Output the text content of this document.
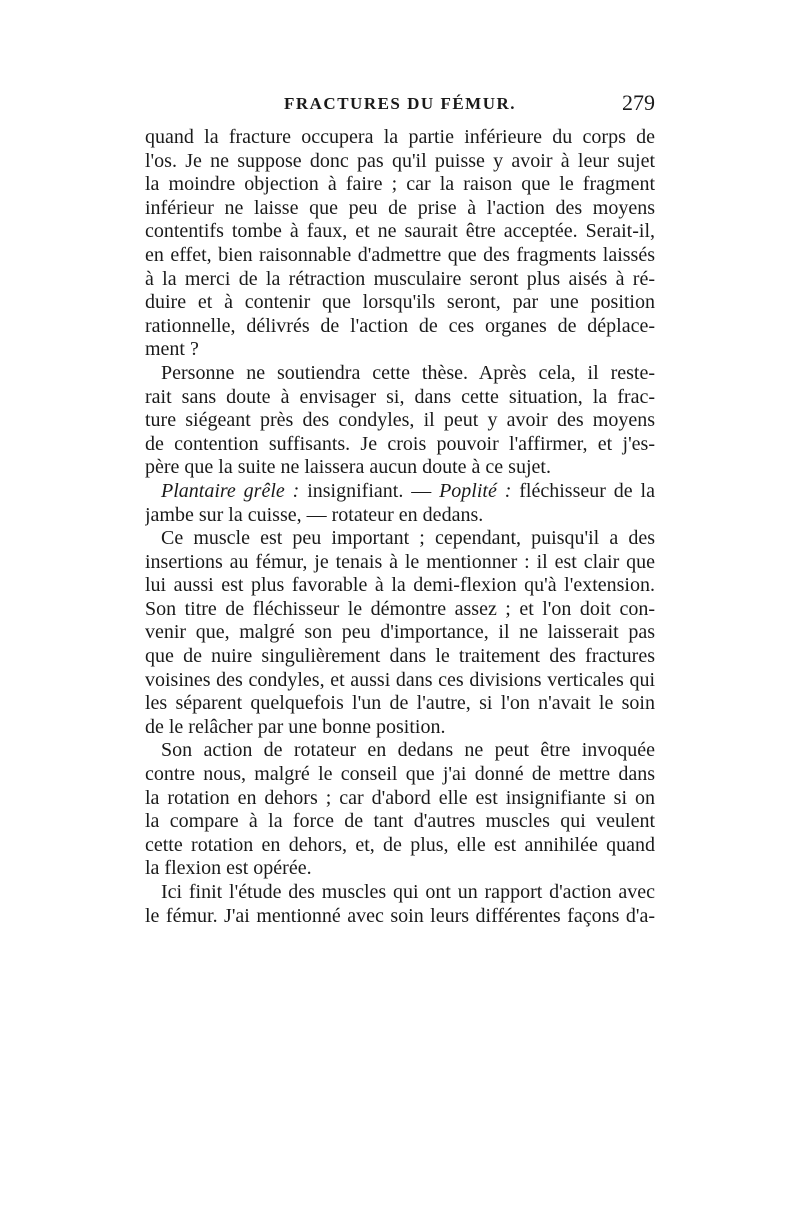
FRACTURES DU FÉMUR.	279
quand la fracture occupera la partie inférieure du corps de
l'os. Je ne suppose donc pas qu'il puisse y avoir à leur sujet
la moindre objection à faire ; car la raison que le fragment
inférieur ne laisse que peu de prise à l'action des moyens
contentifs tombe à faux, et ne saurait être acceptée. Serait-il,
en effet, bien raisonnable d'admettre que des fragments laissés
à la merci de la rétraction musculaire seront plus aisés à ré-
duire et à contenir que lorsqu'ils seront, par une position
rationnelle, délivrés de l'action de ces organes de déplace-
ment ?
Personne ne soutiendra cette thèse. Après cela, il reste-
rait sans doute à envisager si, dans cette situation, la frac-
ture siégeant près des condyles, il peut y avoir des moyens
de contention suffisants. Je crois pouvoir l'affirmer, et j'es-
père que la suite ne laissera aucun doute à ce sujet.
Plantaire grêle : insignifiant. — Poplité : fléchisseur de la
jambe sur la cuisse, — rotateur en dedans.
Ce muscle est peu important ; cependant, puisqu'il a des
insertions au fémur, je tenais à le mentionner : il est clair que
lui aussi est plus favorable à la demi-flexion qu'à l'extension.
Son titre de fléchisseur le démontre assez ; et l'on doit con-
venir que, malgré son peu d'importance, il ne laisserait pas
que de nuire singulièrement dans le traitement des fractures
voisines des condyles, et aussi dans ces divisions verticales qui
les séparent quelquefois l'un de l'autre, si l'on n'avait le soin
de le relâcher par une bonne position.
Son action de rotateur en dedans ne peut être invoquée
contre nous, malgré le conseil que j'ai donné de mettre dans
la rotation en dehors ; car d'abord elle est insignifiante si on
la compare à la force de tant d'autres muscles qui veulent
cette rotation en dehors, et, de plus, elle est annihilée quand
la flexion est opérée.
Ici finit l'étude des muscles qui ont un rapport d'action avec
le fémur. J'ai mentionné avec soin leurs différentes façons d'a-
